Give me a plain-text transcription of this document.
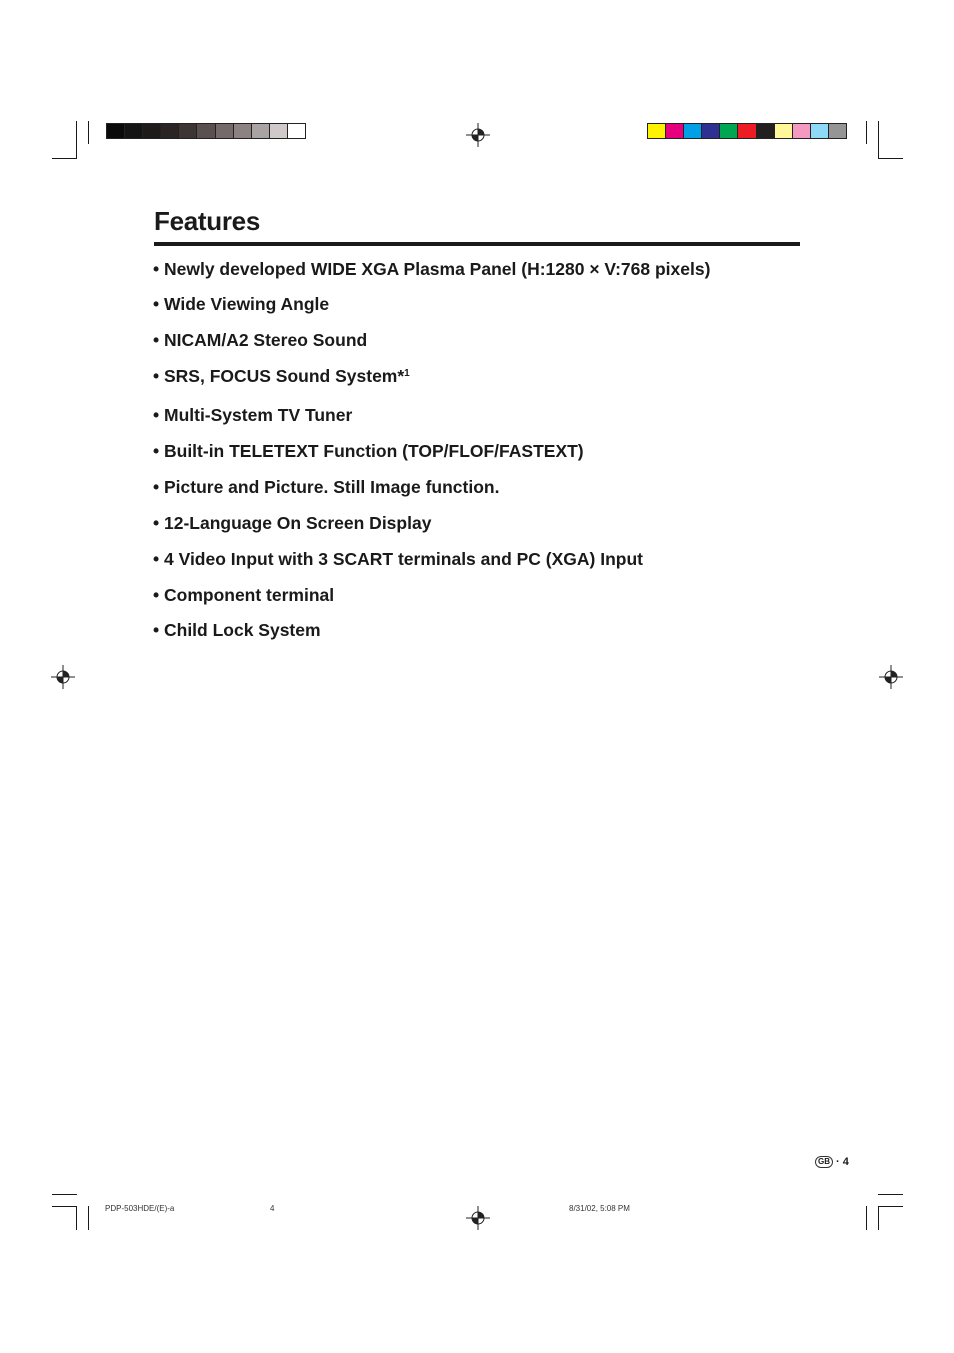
Features
• Newly developed WIDE XGA Plasma Panel (H:1280 × V:768 pixels)
• Wide Viewing Angle
• NICAM/A2 Stereo Sound
• SRS, FOCUS Sound System*$^1$
• Multi-System TV Tuner
• Built-in TELETEXT Function (TOP/FLOF/FASTEXT)
• Picture and Picture. Still Image function.
• 12-Language On Screen Display
• 4 Video Input with 3 SCART terminals and PC (XGA) Input
• Component terminal
• Child Lock System
GB · 4
PDP-503HDE/(E)-a	4	8/31/02, 5:08 PM
